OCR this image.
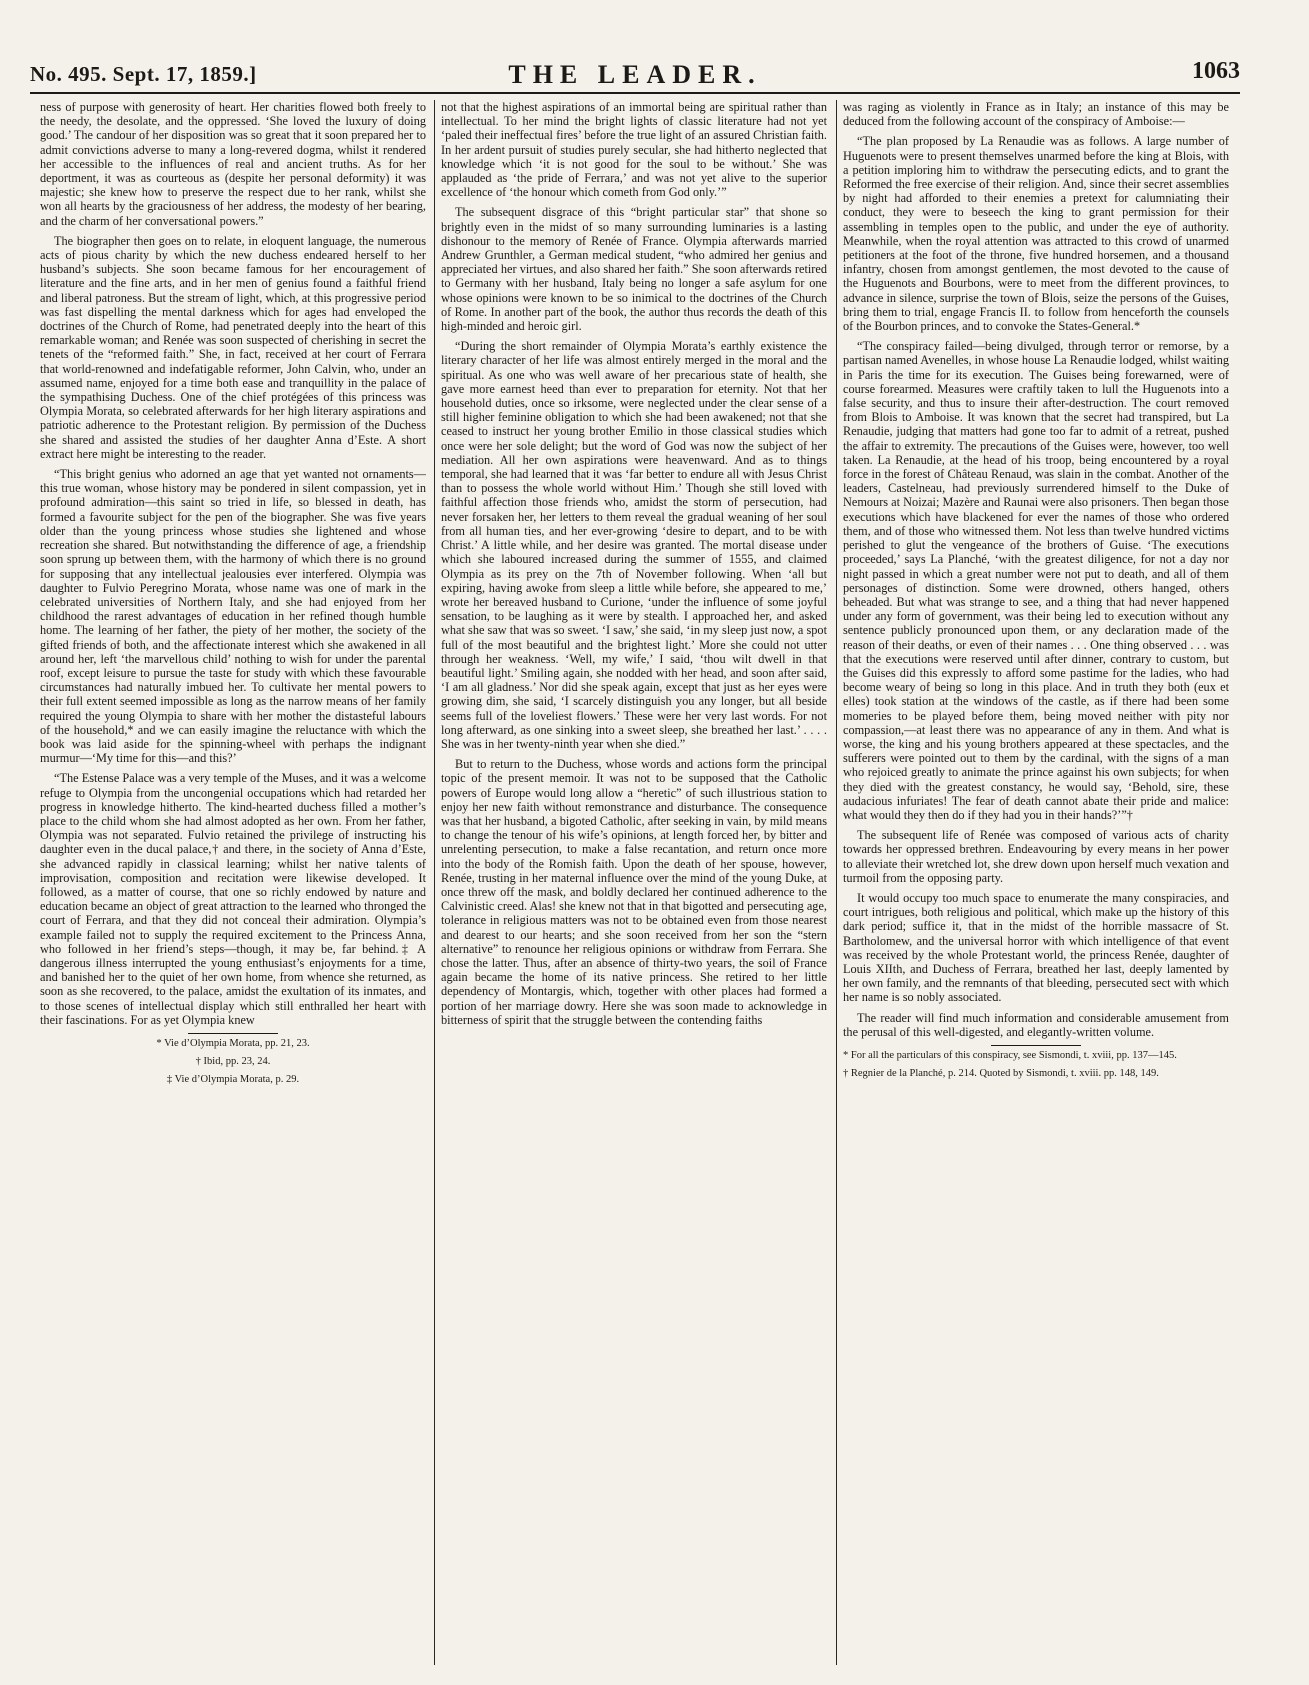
No. 495. Sept. 17, 1859.]	THE LEADER.	1063

ness of purpose with generosity of heart. Her charities flowed both freely to the needy, the desolate, and the oppressed. ‘She loved the luxury of doing good.’ The candour of her disposition was so great that it soon prepared her to admit convictions adverse to many a long-revered dogma, whilst it rendered her accessible to the influences of real and ancient truths. As for her deportment, it was as courteous as (despite her personal deformity) it was majestic; she knew how to preserve the respect due to her rank, whilst she won all hearts by the graciousness of her address, the modesty of her bearing, and the charm of her conversational powers.”

The biographer then goes on to relate, in eloquent language, the numerous acts of pious charity by which the new duchess endeared herself to her husband’s subjects. She soon became famous for her encouragement of literature and the fine arts, and in her men of genius found a faithful friend and liberal patroness. But the stream of light, which, at this progressive period was fast dispelling the mental darkness which for ages had enveloped the doctrines of the Church of Rome, had penetrated deeply into the heart of this remarkable woman; and Renée was soon suspected of cherishing in secret the tenets of the “reformed faith.” She, in fact, received at her court of Ferrara that world-renowned and indefatigable reformer, John Calvin, who, under an assumed name, enjoyed for a time both ease and tranquillity in the palace of the sympathising Duchess. One of the chief protégées of this princess was Olympia Morata, so celebrated afterwards for her high literary aspirations and patriotic adherence to the Protestant religion. By permission of the Duchess she shared and assisted the studies of her daughter Anna d’Este. A short extract here might be interesting to the reader.

“This bright genius who adorned an age that yet wanted not ornaments—this true woman, whose history may be pondered in silent compassion, yet in profound admiration—this saint so tried in life, so blessed in death, has formed a favourite subject for the pen of the biographer. She was five years older than the young princess whose studies she lightened and whose recreation she shared. But notwithstanding the difference of age, a friendship soon sprung up between them, with the harmony of which there is no ground for supposing that any intellectual jealousies ever interfered. Olympia was daughter to Fulvio Peregrino Morata, whose name was one of mark in the celebrated universities of Northern Italy, and she had enjoyed from her childhood the rarest advantages of education in her refined though humble home. The learning of her father, the piety of her mother, the society of the gifted friends of both, and the affectionate interest which she awakened in all around her, left ‘the marvellous child’ nothing to wish for under the parental roof, except leisure to pursue the taste for study with which these favourable circumstances had naturally imbued her. To cultivate her mental powers to their full extent seemed impossible as long as the narrow means of her family required the young Olympia to share with her mother the distasteful labours of the household,* and we can easily imagine the reluctance with which the book was laid aside for the spinning-wheel with perhaps the indignant murmur—‘My time for this—and this?’

“The Estense Palace was a very temple of the Muses, and it was a welcome refuge to Olympia from the uncongenial occupations which had retarded her progress in knowledge hitherto. The kind-hearted duchess filled a mother’s place to the child whom she had almost adopted as her own. From her father, Olympia was not separated. Fulvio retained the privilege of instructing his daughter even in the ducal palace,† and there, in the society of Anna d’Este, she advanced rapidly in classical learning; whilst her native talents of improvisation, composition and recitation were likewise developed. It followed, as a matter of course, that one so richly endowed by nature and education became an object of great attraction to the learned who thronged the court of Ferrara, and that they did not conceal their admiration. Olympia’s example failed not to supply the required excitement to the Princess Anna, who followed in her friend’s steps—though, it may be, far behind.‡ A dangerous illness interrupted the young enthusiast’s enjoyments for a time, and banished her to the quiet of her own home, from whence she returned, as soon as she recovered, to the palace, amidst the exultation of its inmates, and to those scenes of intellectual display which still enthralled her heart with their fascinations. For as yet Olympia knew

* Vie d’Olympia Morata, pp. 21, 23.

† Ibid, pp. 23, 24.

‡ Vie d’Olympia Morata, p. 29.

not that the highest aspirations of an immortal being are spiritual rather than intellectual. To her mind the bright lights of classic literature had not yet ‘paled their ineffectual fires’ before the true light of an assured Christian faith. In her ardent pursuit of studies purely secular, she had hitherto neglected that knowledge which ‘it is not good for the soul to be without.’ She was applauded as ‘the pride of Ferrara,’ and was not yet alive to the superior excellence of ‘the honour which cometh from God only.’”

The subsequent disgrace of this “bright particular star” that shone so brightly even in the midst of so many surrounding luminaries is a lasting dishonour to the memory of Renée of France. Olympia afterwards married Andrew Grunthler, a German medical student, “who admired her genius and appreciated her virtues, and also shared her faith.” She soon afterwards retired to Germany with her husband, Italy being no longer a safe asylum for one whose opinions were known to be so inimical to the doctrines of the Church of Rome. In another part of the book, the author thus records the death of this high-minded and heroic girl.

“During the short remainder of Olympia Morata’s earthly existence the literary character of her life was almost entirely merged in the moral and the spiritual. As one who was well aware of her precarious state of health, she gave more earnest heed than ever to preparation for eternity. Not that her household duties, once so irksome, were neglected under the clear sense of a still higher feminine obligation to which she had been awakened; not that she ceased to instruct her young brother Emilio in those classical studies which once were her sole delight; but the word of God was now the subject of her mediation. All her own aspirations were heavenward. And as to things temporal, she had learned that it was ‘far better to endure all with Jesus Christ than to possess the whole world without Him.’ Though she still loved with faithful affection those friends who, amidst the storm of persecution, had never forsaken her, her letters to them reveal the gradual weaning of her soul from all human ties, and her ever-growing ‘desire to depart, and to be with Christ.’ A little while, and her desire was granted. The mortal disease under which she laboured increased during the summer of 1555, and claimed Olympia as its prey on the 7th of November following. When ‘all but expiring, having awoke from sleep a little while before, she appeared to me,’ wrote her bereaved husband to Curione, ‘under the influence of some joyful sensation, to be laughing as it were by stealth. I approached her, and asked what she saw that was so sweet. ‘I saw,’ she said, ‘in my sleep just now, a spot full of the most beautiful and the brightest light.’ More she could not utter through her weakness. ‘Well, my wife,’ I said, ‘thou wilt dwell in that beautiful light.’ Smiling again, she nodded with her head, and soon after said, ‘I am all gladness.’ Nor did she speak again, except that just as her eyes were growing dim, she said, ‘I scarcely distinguish you any longer, but all beside seems full of the loveliest flowers.’ These were her very last words. For not long afterward, as one sinking into a sweet sleep, she breathed her last.’ . . . . She was in her twenty-ninth year when she died.”

But to return to the Duchess, whose words and actions form the principal topic of the present memoir. It was not to be supposed that the Catholic powers of Europe would long allow a “heretic” of such illustrious station to enjoy her new faith without remonstrance and disturbance. The consequence was that her husband, a bigoted Catholic, after seeking in vain, by mild means to change the tenour of his wife’s opinions, at length forced her, by bitter and unrelenting persecution, to make a false recantation, and return once more into the body of the Romish faith. Upon the death of her spouse, however, Renée, trusting in her maternal influence over the mind of the young Duke, at once threw off the mask, and boldly declared her continued adherence to the Calvinistic creed. Alas! she knew not that in that bigotted and persecuting age, tolerance in religious matters was not to be obtained even from those nearest and dearest to our hearts; and she soon received from her son the “stern alternative” to renounce her religious opinions or withdraw from Ferrara. She chose the latter. Thus, after an absence of thirty-two years, the soil of France again became the home of its native princess. She retired to her little dependency of Montargis, which, together with other places had formed a portion of her marriage dowry. Here she was soon made to acknowledge in bitterness of spirit that the struggle between the contending faiths

was raging as violently in France as in Italy; an instance of this may be deduced from the following account of the conspiracy of Amboise:—

“The plan proposed by La Renaudie was as follows. A large number of Huguenots were to present themselves unarmed before the king at Blois, with a petition imploring him to withdraw the persecuting edicts, and to grant the Reformed the free exercise of their religion. And, since their secret assemblies by night had afforded to their enemies a pretext for calumniating their conduct, they were to beseech the king to grant permission for their assembling in temples open to the public, and under the eye of authority. Meanwhile, when the royal attention was attracted to this crowd of unarmed petitioners at the foot of the throne, five hundred horsemen, and a thousand infantry, chosen from amongst gentlemen, the most devoted to the cause of the Huguenots and Bourbons, were to meet from the different provinces, to advance in silence, surprise the town of Blois, seize the persons of the Guises, bring them to trial, engage Francis II. to follow from henceforth the counsels of the Bourbon princes, and to convoke the States-General.*

“The conspiracy failed—being divulged, through terror or remorse, by a partisan named Avenelles, in whose house La Renaudie lodged, whilst waiting in Paris the time for its execution. The Guises being forewarned, were of course forearmed. Measures were craftily taken to lull the Huguenots into a false security, and thus to insure their after-destruction. The court removed from Blois to Amboise. It was known that the secret had transpired, but La Renaudie, judging that matters had gone too far to admit of a retreat, pushed the affair to extremity. The precautions of the Guises were, however, too well taken. La Renaudie, at the head of his troop, being encountered by a royal force in the forest of Château Renaud, was slain in the combat. Another of the leaders, Castelneau, had previously surrendered himself to the Duke of Nemours at Noizai; Mazère and Raunai were also prisoners. Then began those executions which have blackened for ever the names of those who ordered them, and of those who witnessed them. Not less than twelve hundred victims perished to glut the vengeance of the brothers of Guise. ‘The executions proceeded,’ says La Planché, ‘with the greatest diligence, for not a day nor night passed in which a great number were not put to death, and all of them personages of distinction. Some were drowned, others hanged, others beheaded. But what was strange to see, and a thing that had never happened under any form of government, was their being led to execution without any sentence publicly pronounced upon them, or any declaration made of the reason of their deaths, or even of their names . . . One thing observed . . . was that the executions were reserved until after dinner, contrary to custom, but the Guises did this expressly to afford some pastime for the ladies, who had become weary of being so long in this place. And in truth they both (eux et elles) took station at the windows of the castle, as if there had been some momeries to be played before them, being moved neither with pity nor compassion,—at least there was no appearance of any in them. And what is worse, the king and his young brothers appeared at these spectacles, and the sufferers were pointed out to them by the cardinal, with the signs of a man who rejoiced greatly to animate the prince against his own subjects; for when they died with the greatest constancy, he would say, ‘Behold, sire, these audacious infuriates! The fear of death cannot abate their pride and malice: what would they then do if they had you in their hands?’”†

The subsequent life of Renée was composed of various acts of charity towards her oppressed brethren. Endeavouring by every means in her power to alleviate their wretched lot, she drew down upon herself much vexation and turmoil from the opposing party.

It would occupy too much space to enumerate the many conspiracies, and court intrigues, both religious and political, which make up the history of this dark period; suffice it, that in the midst of the horrible massacre of St. Bartholomew, and the universal horror with which intelligence of that event was received by the whole Protestant world, the princess Renée, daughter of Louis XIIth, and Duchess of Ferrara, breathed her last, deeply lamented by her own family, and the remnants of that bleeding, persecuted sect with which her name is so nobly associated.

The reader will find much information and considerable amusement from the perusal of this well-digested, and elegantly-written volume.

* For all the particulars of this conspiracy, see Sismondi, t. xviii, pp. 137—145.

† Regnier de la Planché, p. 214. Quoted by Sismondi, t. xviii. pp. 148, 149.
